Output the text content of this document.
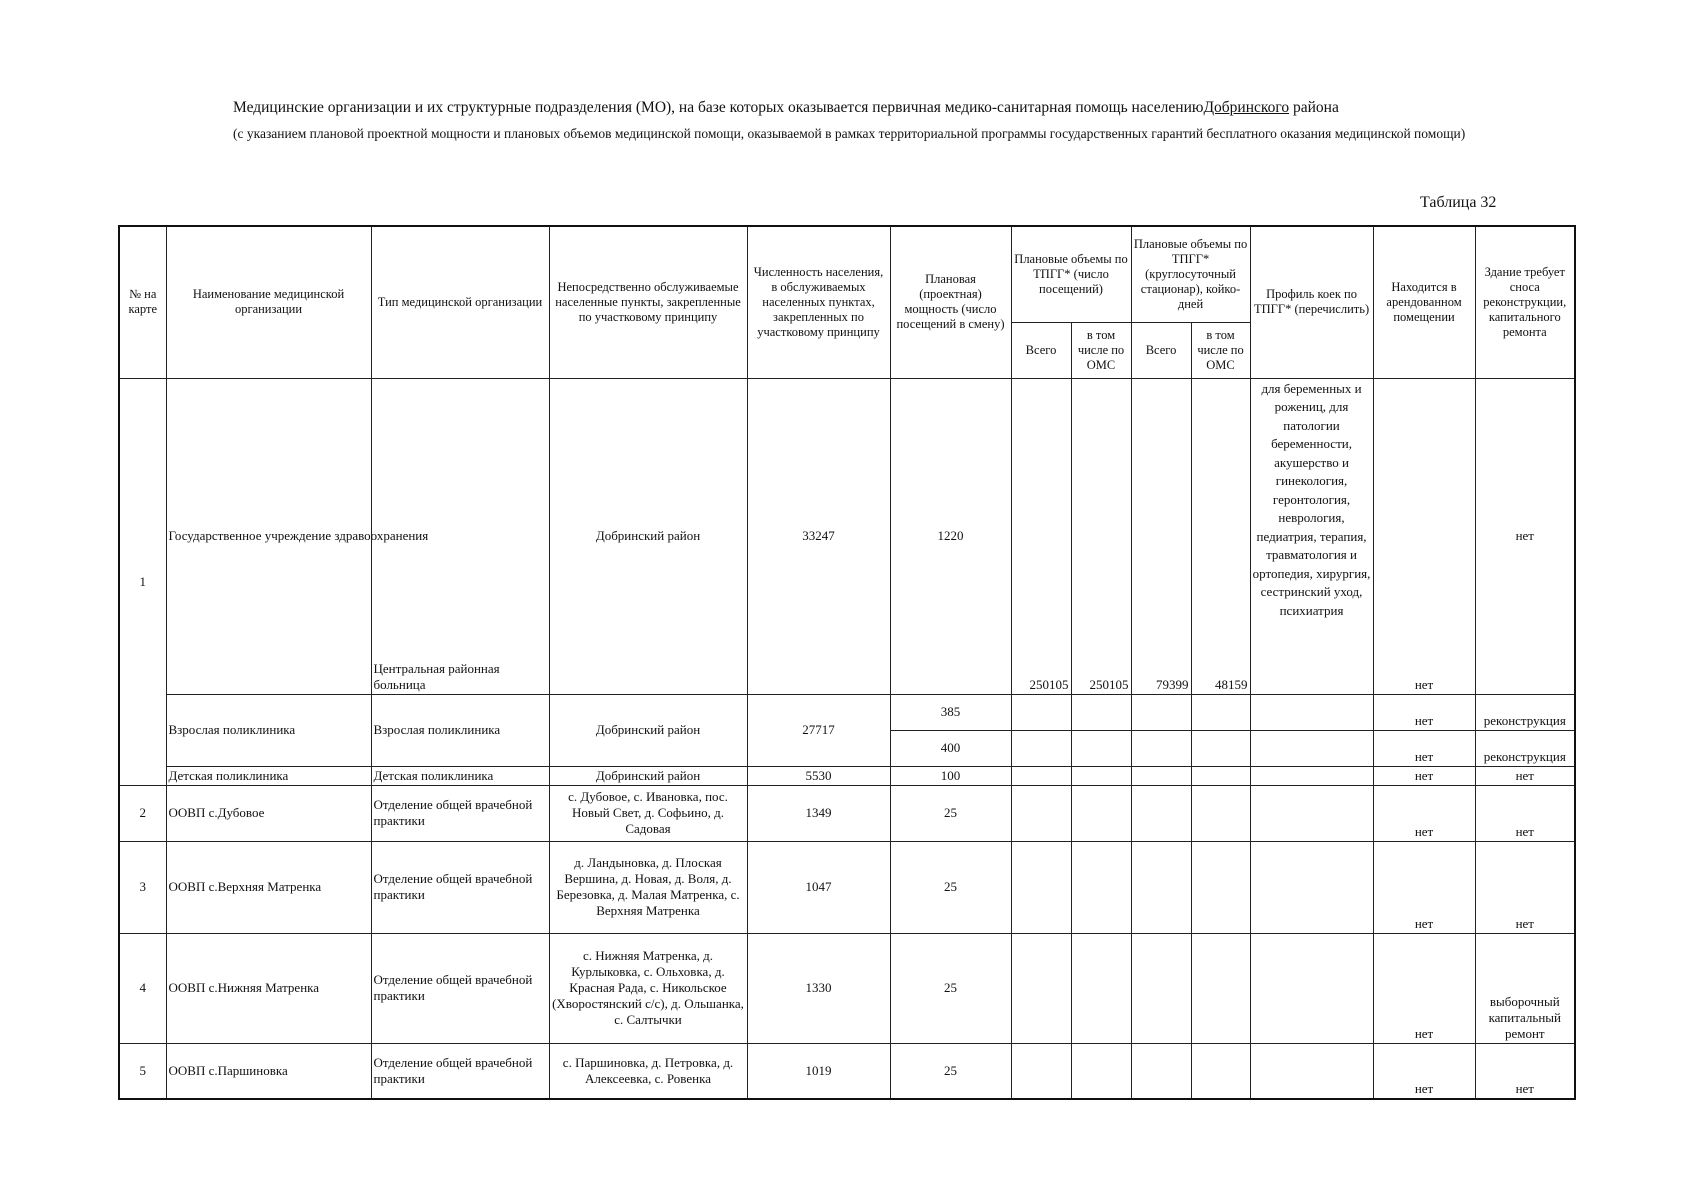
Медицинские организации и их структурные подразделения (МО), на базе которых оказывается первичная медико-санитарная помощь населениюДобринского района
(с указанием плановой проектной мощности и плановых объемов медицинской помощи, оказываемой в рамках территориальной программы государственных гарантий бесплатного оказания медицинской помощи)
Таблица 32
№ на карте	Наименование медицинской организации	Тип медицинской организации	Непосредственно обслуживаемые населенные пункты, закрепленные по участковому принципу	Численность населения, в обслуживаемых населенных пунктах, закрепленных по участковому принципу	Плановая (проектная) мощность (число посещений в смену)	Плановые объемы по ТПГГ* (число посещений)		Плановые объемы по ТПГГ* (круглосуточный стационар), койко-дней		Профиль коек по ТПГГ* (перечислить)	Находится в арендованном помещении	Здание требует сноса реконструкции, капитального ремонта
						Всего	в том числе по ОМС	Всего	в том числе по ОМС			
1	Государственное учреждение здравоохранения	Центральная районная больница	Добринский район	33247	1220	250105	250105	79399	48159	для беременных и рожениц, для патологии беременности, акушерство и гинекология, геронтология, неврология, педиатрия, терапия, травматология и ортопедия, хирургия, сестринский уход, психиатрия	нет	нет
	Взрослая поликлиника	Взрослая поликлиника	Добринский район	27717	385						нет	реконструкция
					400						нет	реконструкция
	Детская поликлиника	Детская поликлиника	Добринский район	5530	100						нет	нет
2	ООВП с.Дубовое	Отделение общей врачебной практики	с. Дубовое, с. Ивановка, пос. Новый Свет, д. Софьино, д. Садовая	1349	25						нет	нет
3	ООВП с.Верхняя Матренка	Отделение общей врачебной практики	д. Ландыновка, д. Плоская Вершина, д. Новая, д. Воля, д. Березовка, д. Малая Матренка, с. Верхняя Матренка	1047	25						нет	нет
4	ООВП с.Нижняя Матренка	Отделение общей врачебной практики	с. Нижняя Матренка, д. Курлыковка, с. Ольховка, д. Красная Рада, с. Никольское (Хворостянский с/с), д. Ольшанка, с. Салтычки	1330	25						нет	выборочный капитальный ремонт
5	ООВП с.Паршиновка	Отделение общей врачебной практики	с. Паршиновка, д. Петровка, д. Алексеевка, с. Ровенка	1019	25						нет	нет
